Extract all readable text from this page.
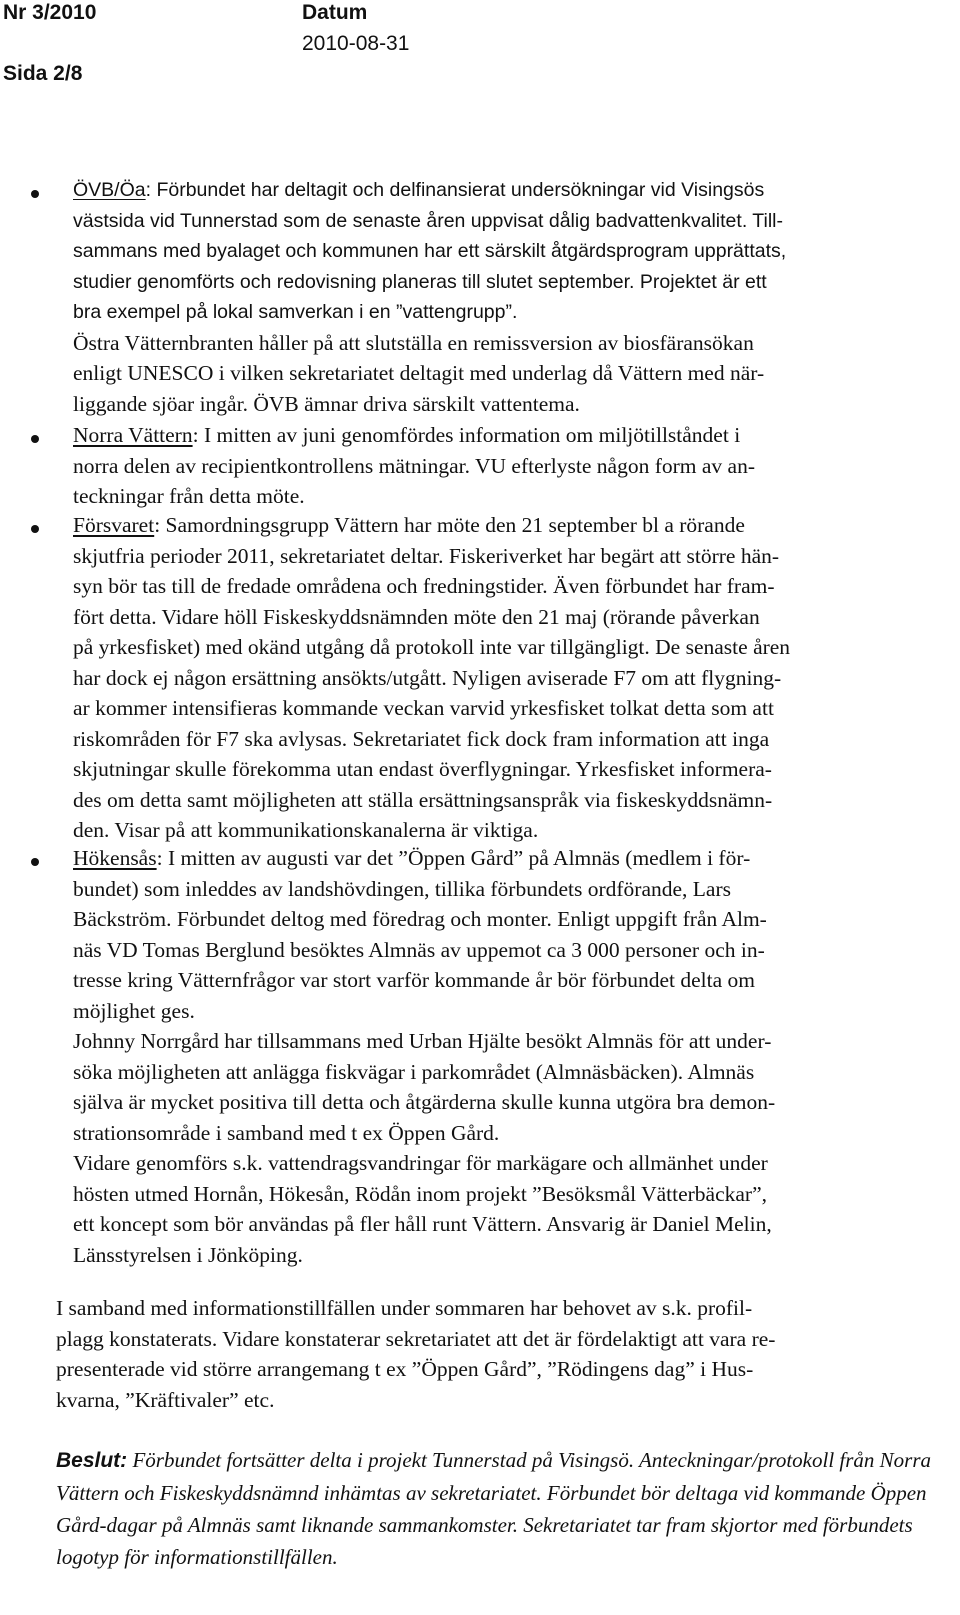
Nr 3/2010
Sida 2/8
Datum
2010-08-31
ÖVB/Öa: Förbundet har deltagit och delfinansierat undersökningar vid Visingsös
västsida vid Tunnerstad som de senaste åren uppvisat dålig badvattenkvalitet. Till-
sammans med byalaget och kommunen har ett särskilt åtgärdsprogram upprättats,
studier genomförts och redovisning planeras till slutet september. Projektet är ett
bra exempel på lokal samverkan i en ”vattengrupp”.
Östra Vätternbranten håller på att slutställa en remissversion av biosfäransökan
enligt UNESCO i vilken sekretariatet deltagit med underlag då Vättern med när-
liggande sjöar ingår. ÖVB ämnar driva särskilt vattentema.
Norra Vättern: I mitten av juni genomfördes information om miljötillståndet i
norra delen av recipientkontrollens mätningar. VU efterlyste någon form av an-
teckningar från detta möte.
Försvaret: Samordningsgrupp Vättern har möte den 21 september bl a rörande
skjutfria perioder 2011, sekretariatet deltar. Fiskeriverket har begärt att större hän-
syn bör tas till de fredade områdena och fredningstider. Även förbundet har fram-
fört detta. Vidare höll Fiskeskyddsnämnden möte den 21 maj (rörande påverkan
på yrkesfisket) med okänd utgång då protokoll inte var tillgängligt. De senaste åren
har dock ej någon ersättning ansökts/utgått. Nyligen aviserade F7 om att flygning-
ar kommer intensifieras kommande veckan varvid yrkesfisket tolkat detta som att
riskområden för F7 ska avlysas. Sekretariatet fick dock fram information att inga
skjutningar skulle förekomma utan endast överflygningar. Yrkesfisket informera-
des om detta samt möjligheten att ställa ersättningsanspråk via fiskeskyddsnämn-
den. Visar på att kommunikationskanalerna är viktiga.
Hökensås: I mitten av augusti var det ”Öppen Gård” på Almnäs (medlem i för-
bundet) som inleddes av landshövdingen, tillika förbundets ordförande, Lars
Bäckström. Förbundet deltog med föredrag och monter. Enligt uppgift från Alm-
näs VD Tomas Berglund besöktes Almnäs av uppemot ca 3 000 personer och in-
tresse kring Vätternfrågor var stort varför kommande år bör förbundet delta om
möjlighet ges.
Johnny Norrgård har tillsammans med Urban Hjälte besökt Almnäs för att under-
söka möjligheten att anlägga fiskvägar i parkområdet (Almnäsbäcken). Almnäs
själva är mycket positiva till detta och åtgärderna skulle kunna utgöra bra demon-
strationsområde i samband med t ex Öppen Gård.
Vidare genomförs s.k. vattendragsvandringar för markägare och allmänhet under
hösten utmed Hornån, Hökesån, Rödån inom projekt ”Besöksmål Vätterbäckar”,
ett koncept som bör användas på fler håll runt Vättern. Ansvarig är Daniel Melin,
Länsstyrelsen i Jönköping.
I samband med informationstillfällen under sommaren har behovet av s.k. profil-
plagg konstaterats. Vidare konstaterar sekretariatet att det är fördelaktigt att vara re-
presenterade vid större arrangemang t ex ”Öppen Gård”, ”Rödingens dag” i Hus-
kvarna, ”Kräftivaler” etc.
Beslut: Förbundet fortsätter delta i projekt Tunnerstad på Visingsö. Anteckningar/protokoll från Norra Vättern och Fiskeskyddsnämnd inhämtas av sekretariatet. Förbundet bör deltaga vid kommande Öppen Gård-dagar på Almnäs samt liknande sammankomster. Sekretariatet tar fram skjortor med förbundets logotyp för informationstillfällen.
